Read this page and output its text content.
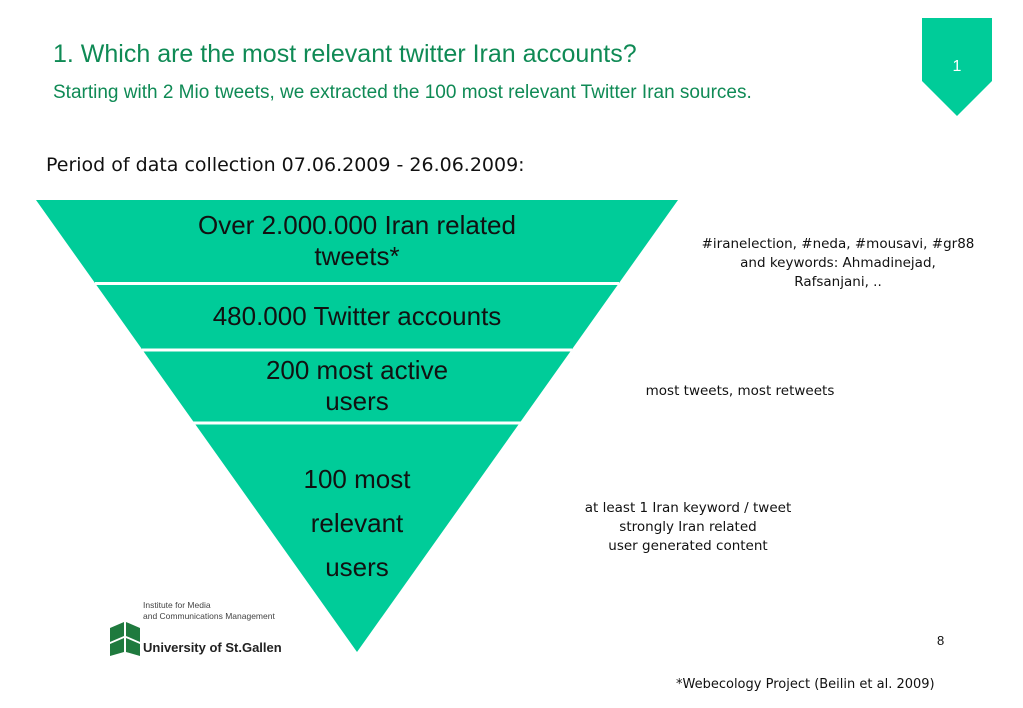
1. Which are the most relevant twitter Iran accounts?
Starting with 2 Mio tweets, we extracted the 100 most relevant Twitter Iran sources.
1
Period of data collection 07.06.2009 - 26.06.2009:
Over 2.000.000 Iran related
tweets*
480.000 Twitter accounts
200 most active
users
100 most
relevant
users
#iranelection, #neda, #mousavi, #gr88
and keywords: Ahmadinejad,
Rafsanjani, ..
most tweets, most retweets
at least 1 Iran keyword / tweet
strongly Iran related
user generated content
Institute for Media
and Communications Management
University of St.Gallen	8
*Webecology Project (Beilin et al. 2009)
